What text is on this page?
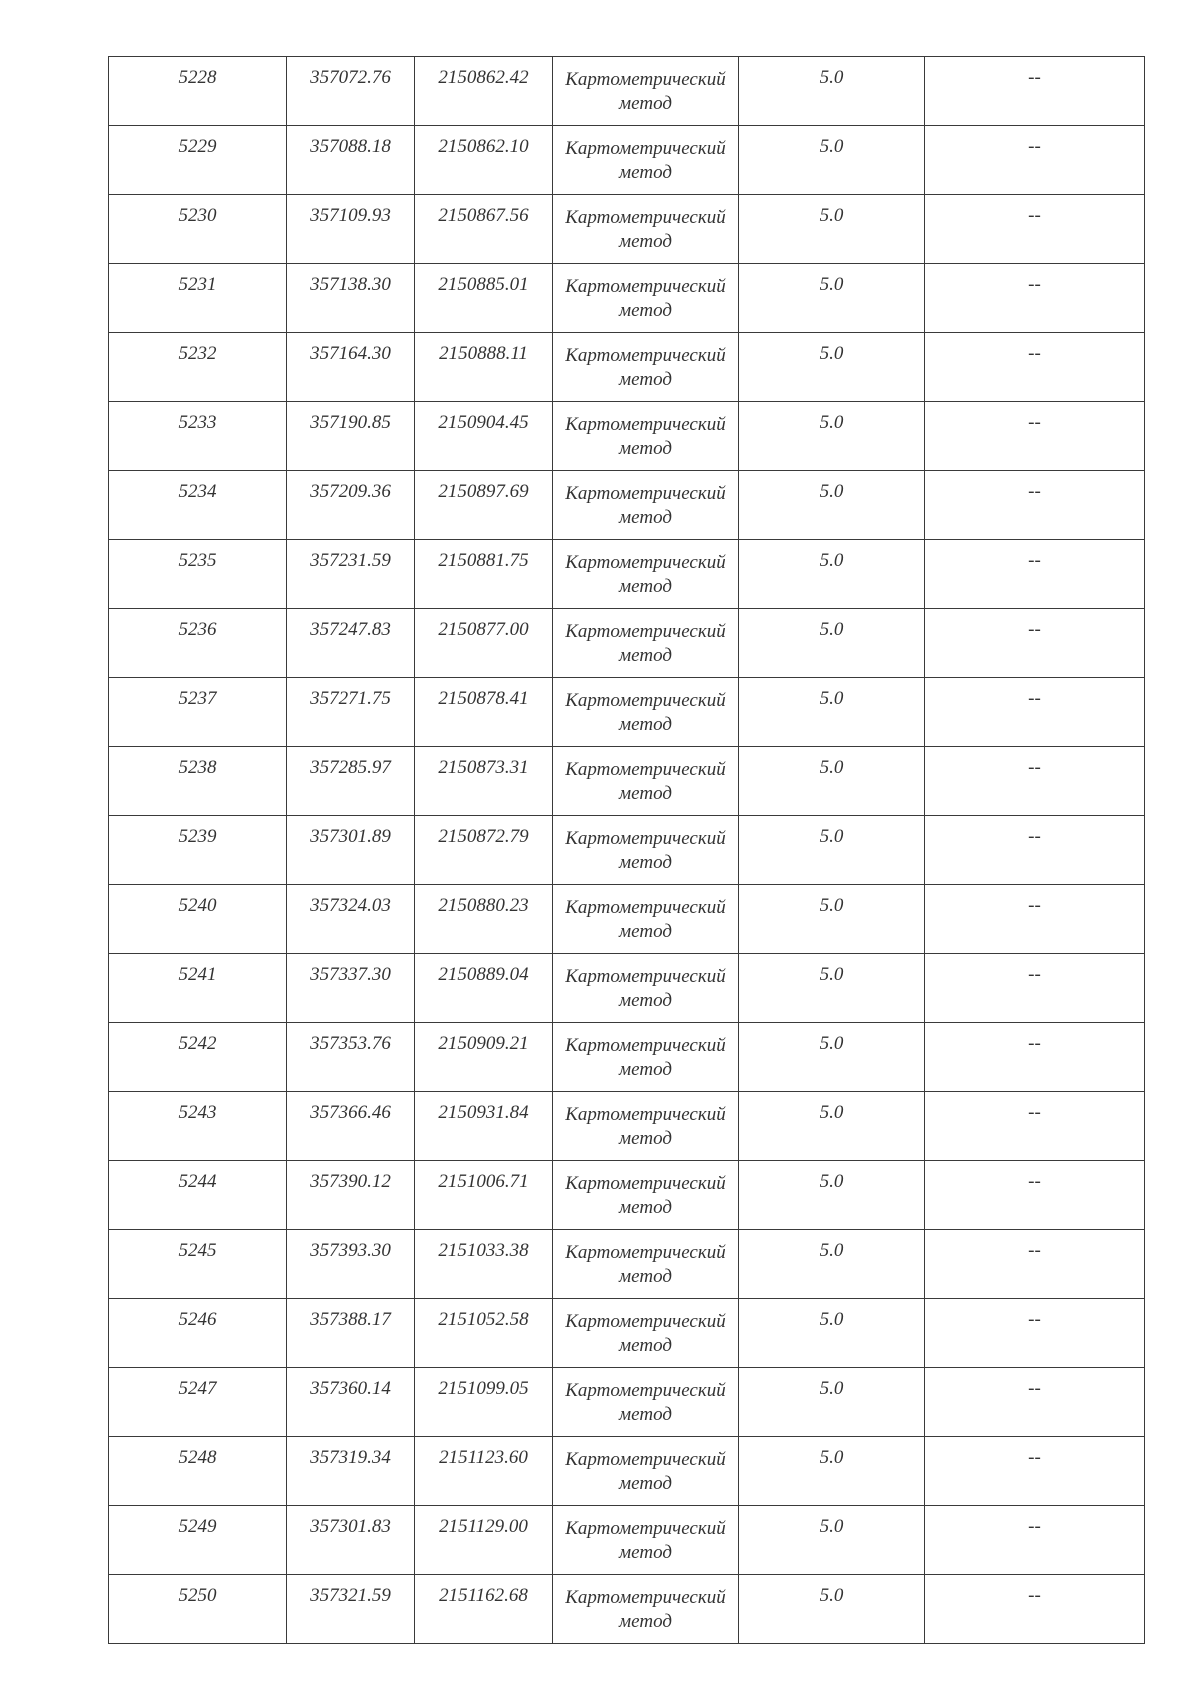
5228	357072.76	2150862.42	Картометрический
метод	5.0	--

5229	357088.18	2150862.10	Картометрический
метод	5.0	--

5230	357109.93	2150867.56	Картометрический
метод	5.0	--

5231	357138.30	2150885.01	Картометрический
метод	5.0	--

5232	357164.30	2150888.11	Картометрический
метод	5.0	--

5233	357190.85	2150904.45	Картометрический
метод	5.0	--

5234	357209.36	2150897.69	Картометрический
метод	5.0	--

5235	357231.59	2150881.75	Картометрический
метод	5.0	--

5236	357247.83	2150877.00	Картометрический
метод	5.0	--

5237	357271.75	2150878.41	Картометрический
метод	5.0	--

5238	357285.97	2150873.31	Картометрический
метод	5.0	--

5239	357301.89	2150872.79	Картометрический
метод	5.0	--

5240	357324.03	2150880.23	Картометрический
метод	5.0	--

5241	357337.30	2150889.04	Картометрический
метод	5.0	--

5242	357353.76	2150909.21	Картометрический
метод	5.0	--

5243	357366.46	2150931.84	Картометрический
метод	5.0	--

5244	357390.12	2151006.71	Картометрический
метод	5.0	--

5245	357393.30	2151033.38	Картометрический
метод	5.0	--

5246	357388.17	2151052.58	Картометрический
метод	5.0	--

5247	357360.14	2151099.05	Картометрический
метод	5.0	--

5248	357319.34	2151123.60	Картометрический
метод	5.0	--

5249	357301.83	2151129.00	Картометрический
метод	5.0	--

5250	357321.59	2151162.68	Картометрический
метод	5.0	--
